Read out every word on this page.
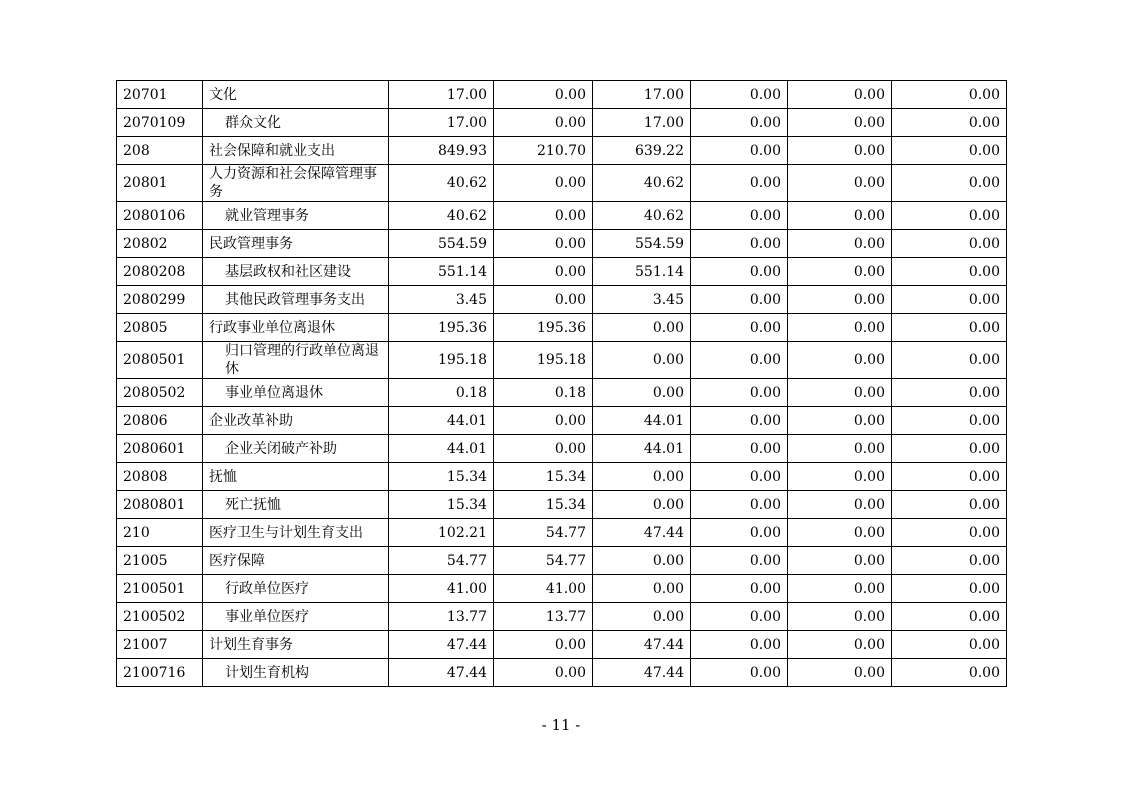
20701	文化	17.00	0.00	17.00	0.00	0.00	0.00
2070109	群众文化	17.00	0.00	17.00	0.00	0.00	0.00
208	社会保障和就业支出	849.93	210.70	639.22	0.00	0.00	0.00
20801	人力资源和社会保障管理事务	40.62	0.00	40.62	0.00	0.00	0.00
2080106	就业管理事务	40.62	0.00	40.62	0.00	0.00	0.00
20802	民政管理事务	554.59	0.00	554.59	0.00	0.00	0.00
2080208	基层政权和社区建设	551.14	0.00	551.14	0.00	0.00	0.00
2080299	其他民政管理事务支出	3.45	0.00	3.45	0.00	0.00	0.00
20805	行政事业单位离退休	195.36	195.36	0.00	0.00	0.00	0.00
2080501	归口管理的行政单位离退休	195.18	195.18	0.00	0.00	0.00	0.00
2080502	事业单位离退休	0.18	0.18	0.00	0.00	0.00	0.00
20806	企业改革补助	44.01	0.00	44.01	0.00	0.00	0.00
2080601	企业关闭破产补助	44.01	0.00	44.01	0.00	0.00	0.00
20808	抚恤	15.34	15.34	0.00	0.00	0.00	0.00
2080801	死亡抚恤	15.34	15.34	0.00	0.00	0.00	0.00
210	医疗卫生与计划生育支出	102.21	54.77	47.44	0.00	0.00	0.00
21005	医疗保障	54.77	54.77	0.00	0.00	0.00	0.00
2100501	行政单位医疗	41.00	41.00	0.00	0.00	0.00	0.00
2100502	事业单位医疗	13.77	13.77	0.00	0.00	0.00	0.00
21007	计划生育事务	47.44	0.00	47.44	0.00	0.00	0.00
2100716	计划生育机构	47.44	0.00	47.44	0.00	0.00	0.00
- 11 -
